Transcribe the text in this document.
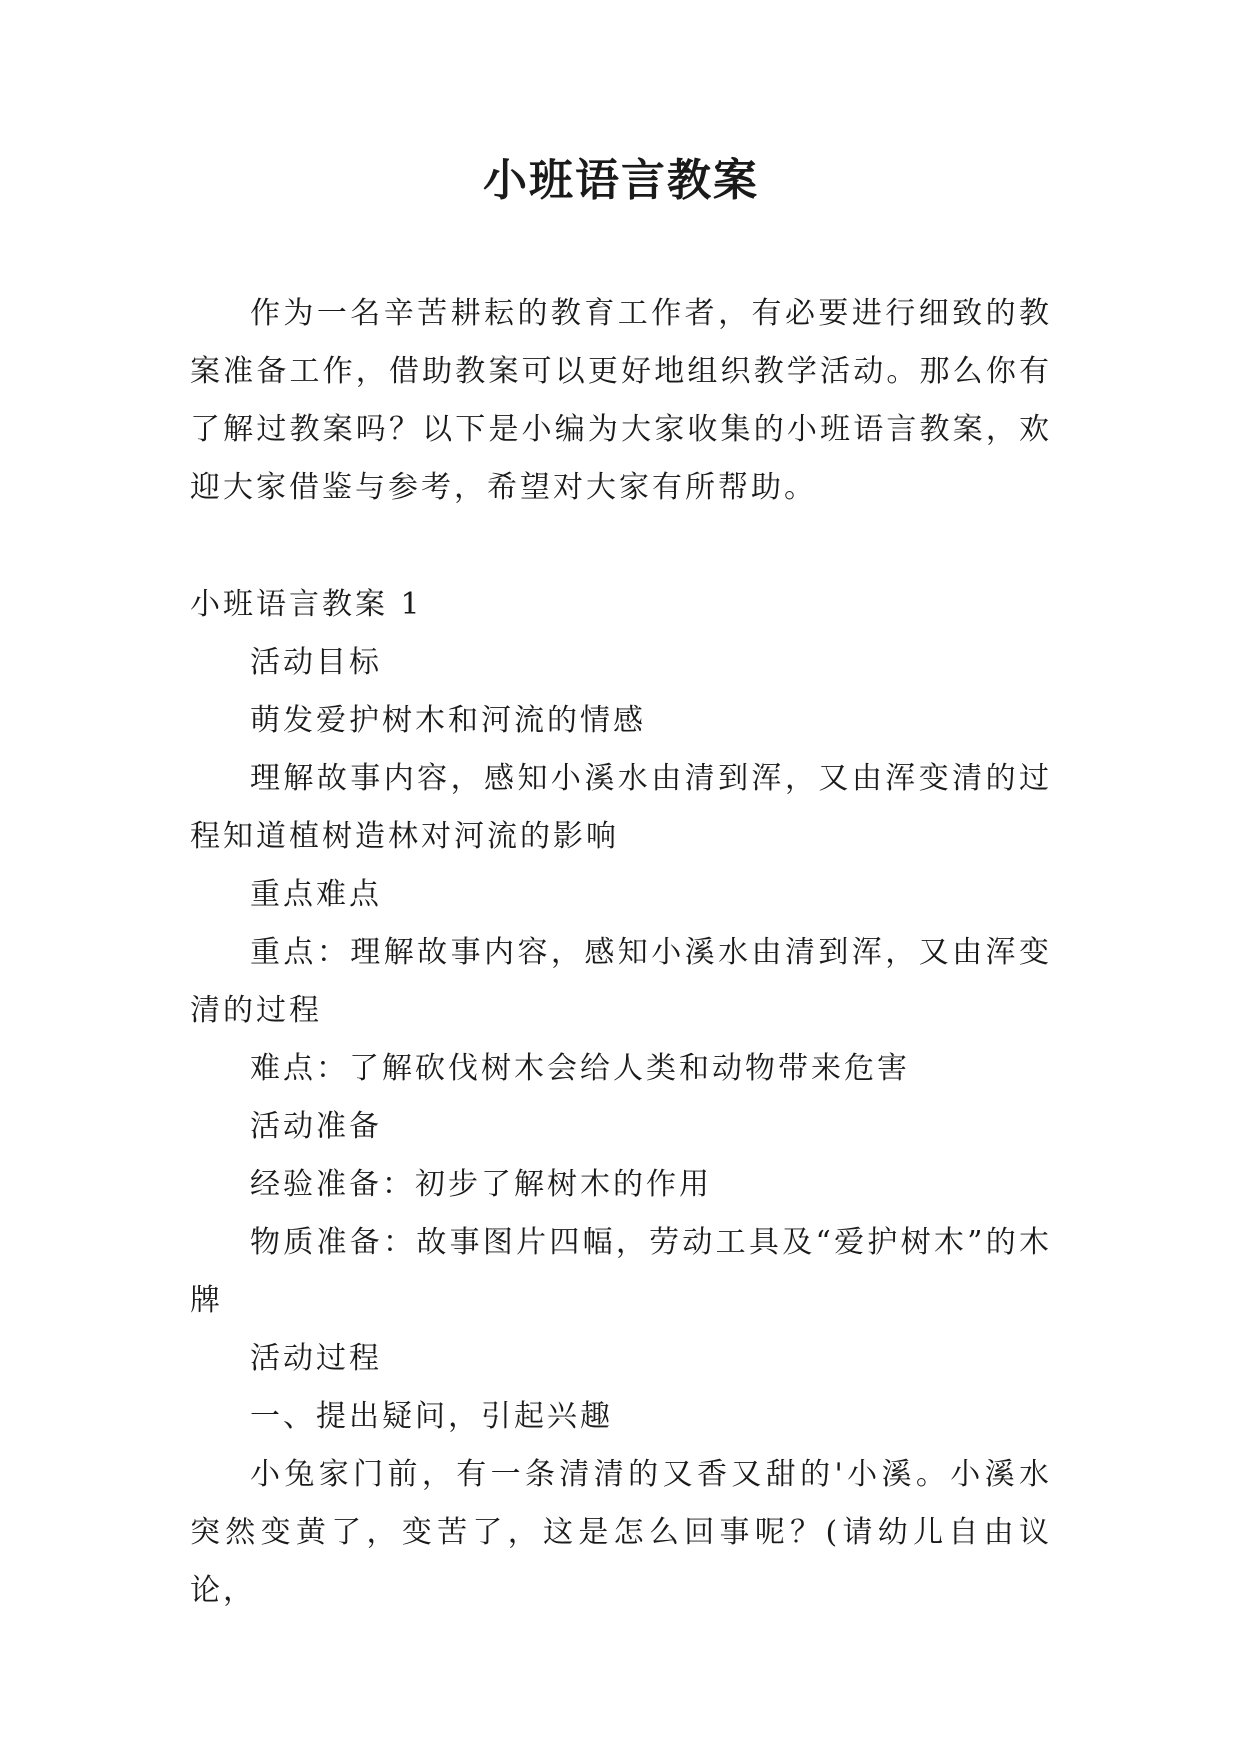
小班语言教案

作为一名辛苦耕耘的教育工作者，有必要进行细致的教案准备工作，借助教案可以更好地组织教学活动。那么你有了解过教案吗？以下是小编为大家收集的小班语言教案，欢迎大家借鉴与参考，希望对大家有所帮助。

小班语言教案 1

活动目标

萌发爱护树木和河流的情感

理解故事内容，感知小溪水由清到浑，又由浑变清的过程知道植树造林对河流的影响

重点难点

重点：理解故事内容，感知小溪水由清到浑，又由浑变清的过程

难点：了解砍伐树木会给人类和动物带来危害

活动准备

经验准备：初步了解树木的作用

物质准备：故事图片四幅，劳动工具及“爱护树木”的木牌

活动过程

一、提出疑问，引起兴趣

小兔家门前，有一条清清的又香又甜的'小溪。小溪水突然变黄了，变苦了，这是怎么回事呢？(请幼儿自由议论，
